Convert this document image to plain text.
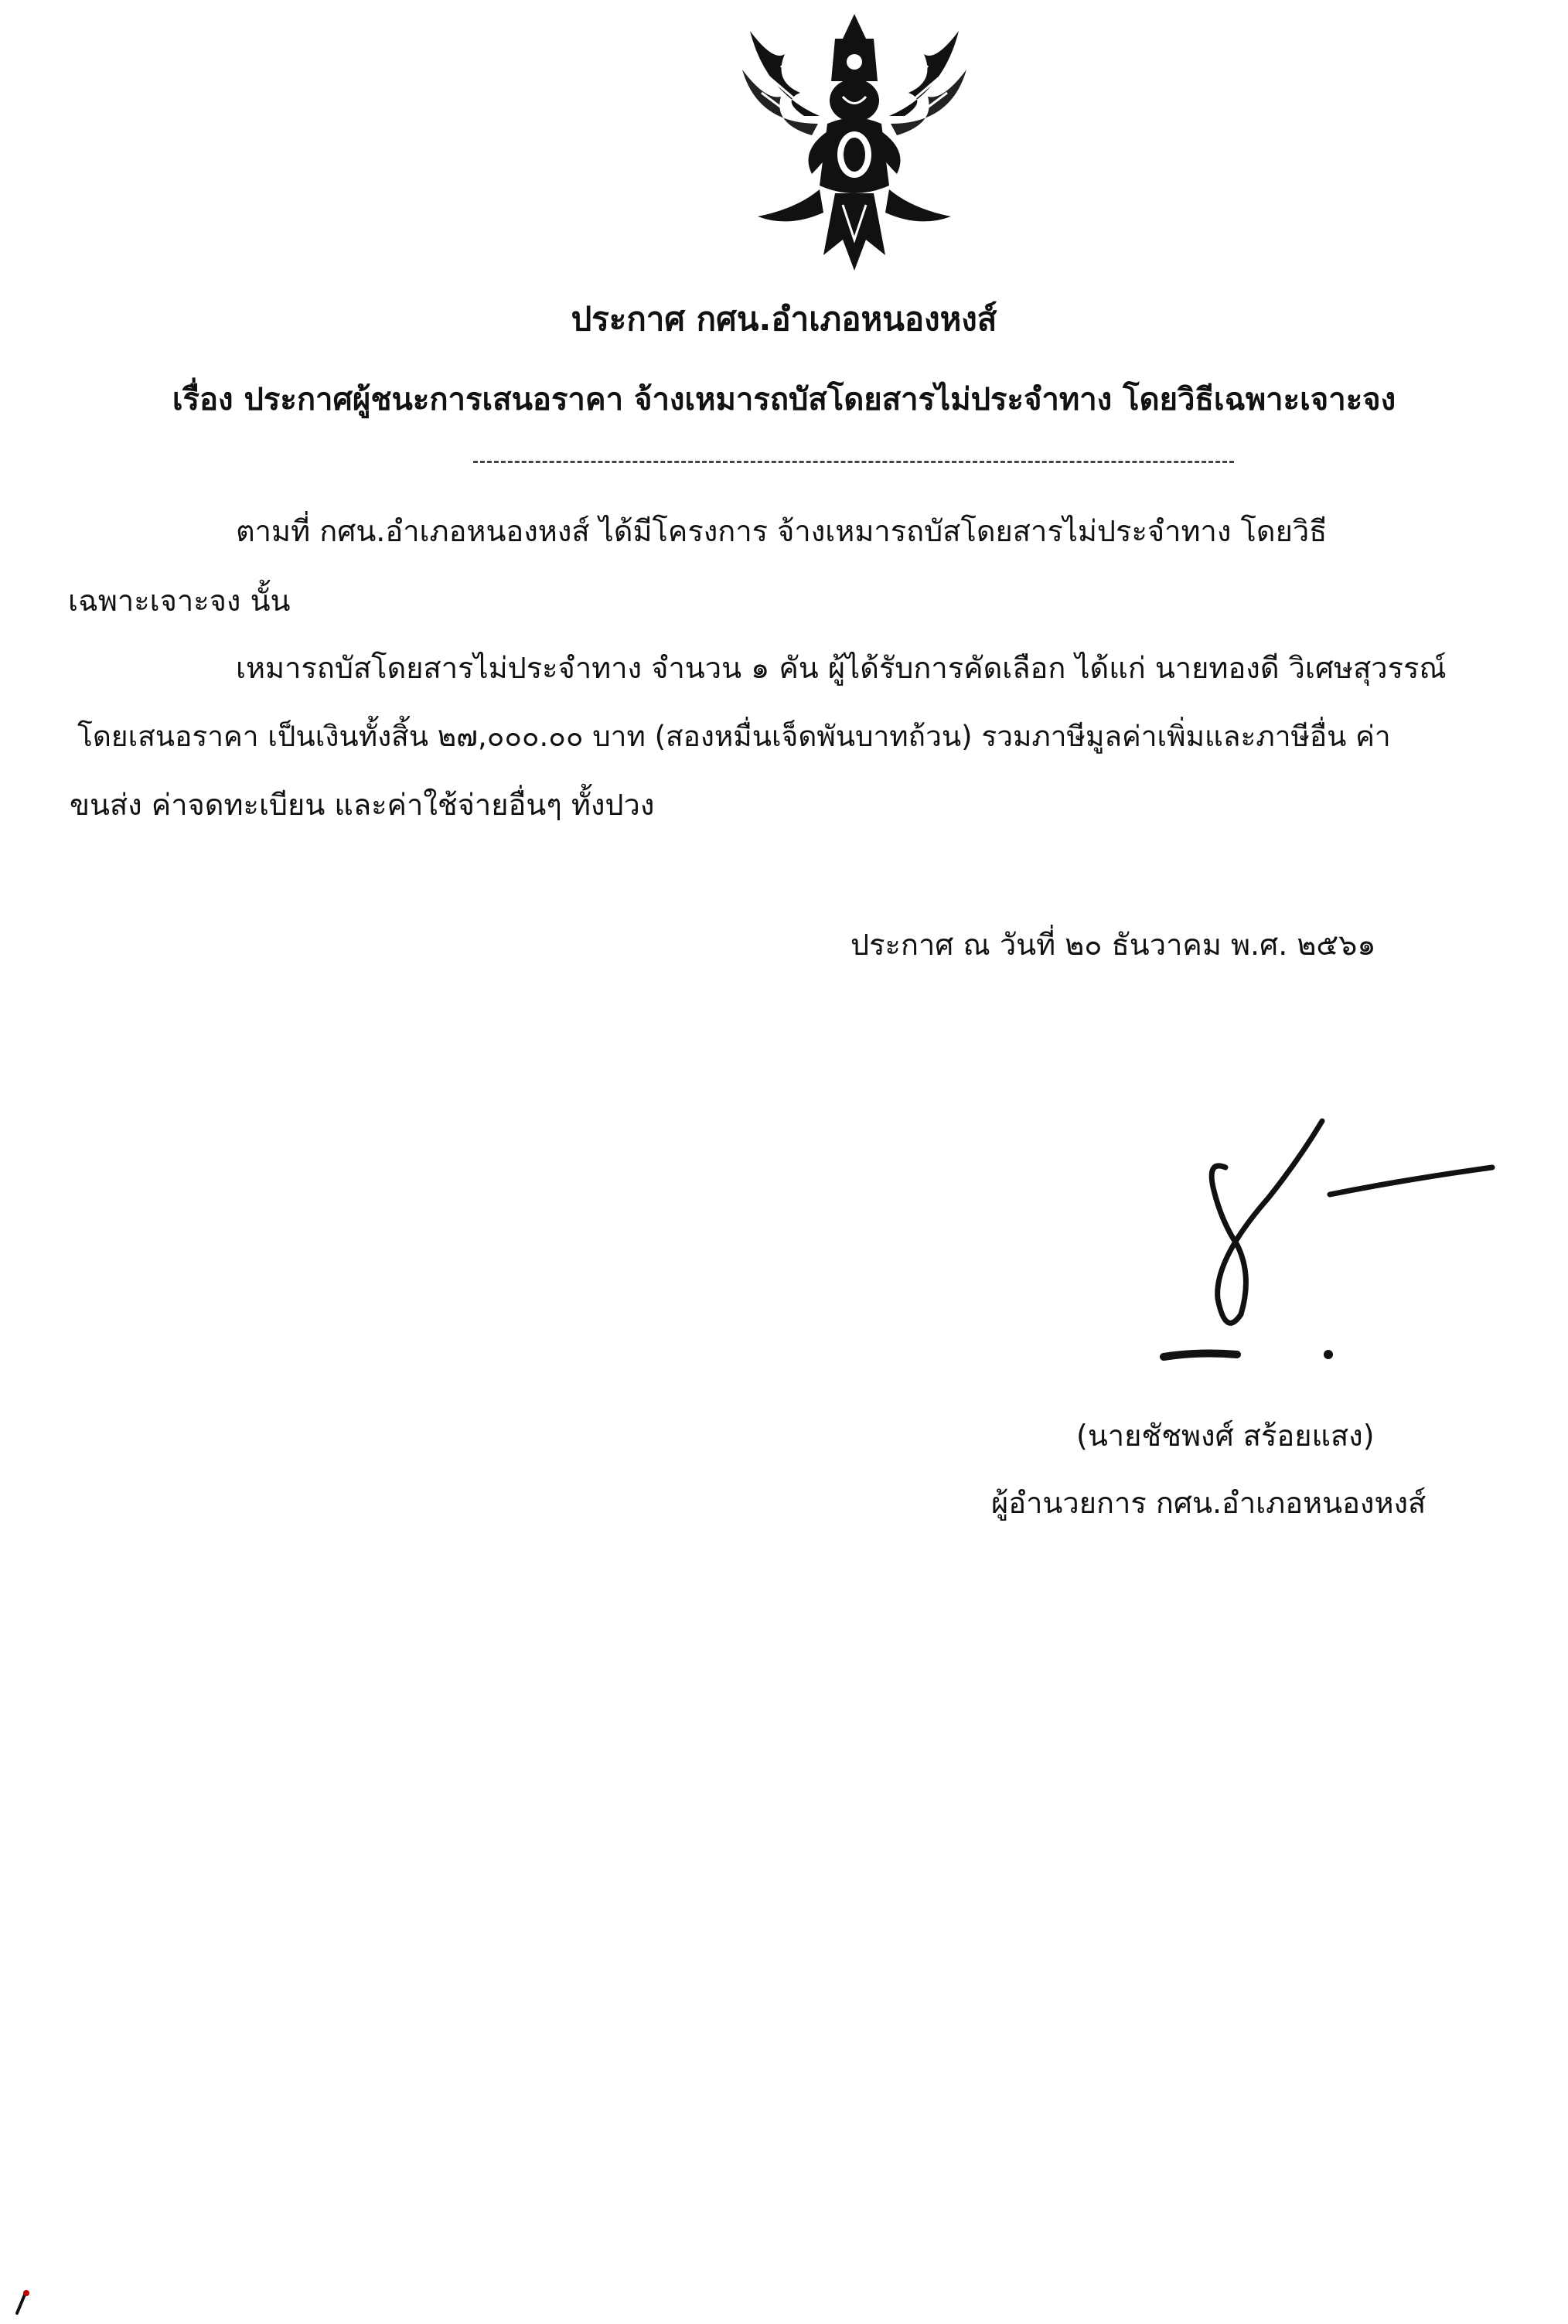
ประกาศ กศน.อำเภอหนองหงส์
เรื่อง ประกาศผู้ชนะการเสนอราคา จ้างเหมารถบัสโดยสารไม่ประจำทาง โดยวิธีเฉพาะเจาะจง
ตามที่ กศน.อำเภอหนองหงส์ ได้มีโครงการ จ้างเหมารถบัสโดยสารไม่ประจำทาง โดยวิธี
เฉพาะเจาะจง นั้น
เหมารถบัสโดยสารไม่ประจำทาง จำนวน ๑ คัน ผู้ได้รับการคัดเลือก ได้แก่ นายทองดี วิเศษสุวรรณ์
โดยเสนอราคา เป็นเงินทั้งสิ้น ๒๗,๐๐๐.๐๐ บาท (สองหมื่นเจ็ดพันบาทถ้วน) รวมภาษีมูลค่าเพิ่มและภาษีอื่น ค่า
ขนส่ง ค่าจดทะเบียน และค่าใช้จ่ายอื่นๆ ทั้งปวง
ประกาศ ณ วันที่ ๒๐ ธันวาคม พ.ศ. ๒๕๖๑
(นายชัชพงศ์ สร้อยแสง)
ผู้อำนวยการ กศน.อำเภอหนองหงส์
